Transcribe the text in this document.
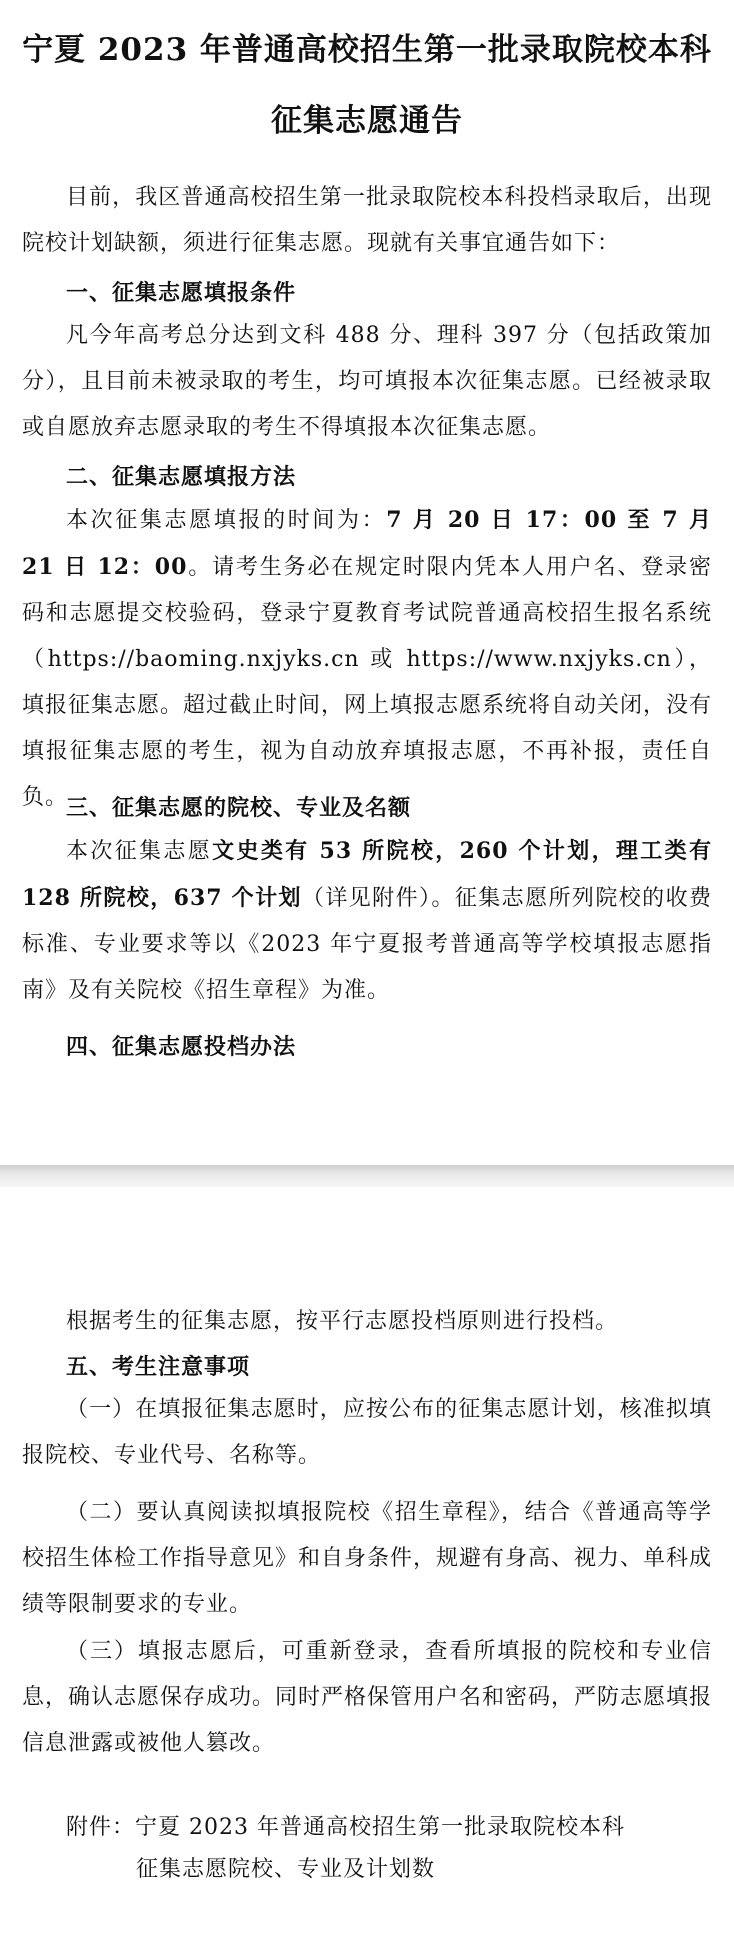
宁夏 2023 年普通高校招生第一批录取院校本科
征集志愿通告
目前，我区普通高校招生第一批录取院校本科投档录取后，出现院校计划缺额，须进行征集志愿。现就有关事宜通告如下：
一、征集志愿填报条件
凡今年高考总分达到文科 488 分、理科 397 分（包括政策加分），且目前未被录取的考生，均可填报本次征集志愿。已经被录取或自愿放弃志愿录取的考生不得填报本次征集志愿。
二、征集志愿填报方法
本次征集志愿填报的时间为：7 月 20 日 17：00 至 7 月 21 日 12：00。请考生务必在规定时限内凭本人用户名、登录密码和志愿提交校验码，登录宁夏教育考试院普通高校招生报名系统（https://baoming.nxjyks.cn 或 https://www.nxjyks.cn），填报征集志愿。超过截止时间，网上填报志愿系统将自动关闭，没有填报征集志愿的考生，视为自动放弃填报志愿，不再补报，责任自负。
三、征集志愿的院校、专业及名额
本次征集志愿文史类有 53 所院校，260 个计划，理工类有 128 所院校，637 个计划（详见附件）。征集志愿所列院校的收费标准、专业要求等以《2023 年宁夏报考普通高等学校填报志愿指南》及有关院校《招生章程》为准。
四、征集志愿投档办法
根据考生的征集志愿，按平行志愿投档原则进行投档。
五、考生注意事项
（一）在填报征集志愿时，应按公布的征集志愿计划，核准拟填报院校、专业代号、名称等。
（二）要认真阅读拟填报院校《招生章程》，结合《普通高等学校招生体检工作指导意见》和自身条件，规避有身高、视力、单科成绩等限制要求的专业。
（三）填报志愿后，可重新登录，查看所填报的院校和专业信息，确认志愿保存成功。同时严格保管用户名和密码，严防志愿填报信息泄露或被他人篡改。
附件：宁夏 2023 年普通高校招生第一批录取院校本科
征集志愿院校、专业及计划数
